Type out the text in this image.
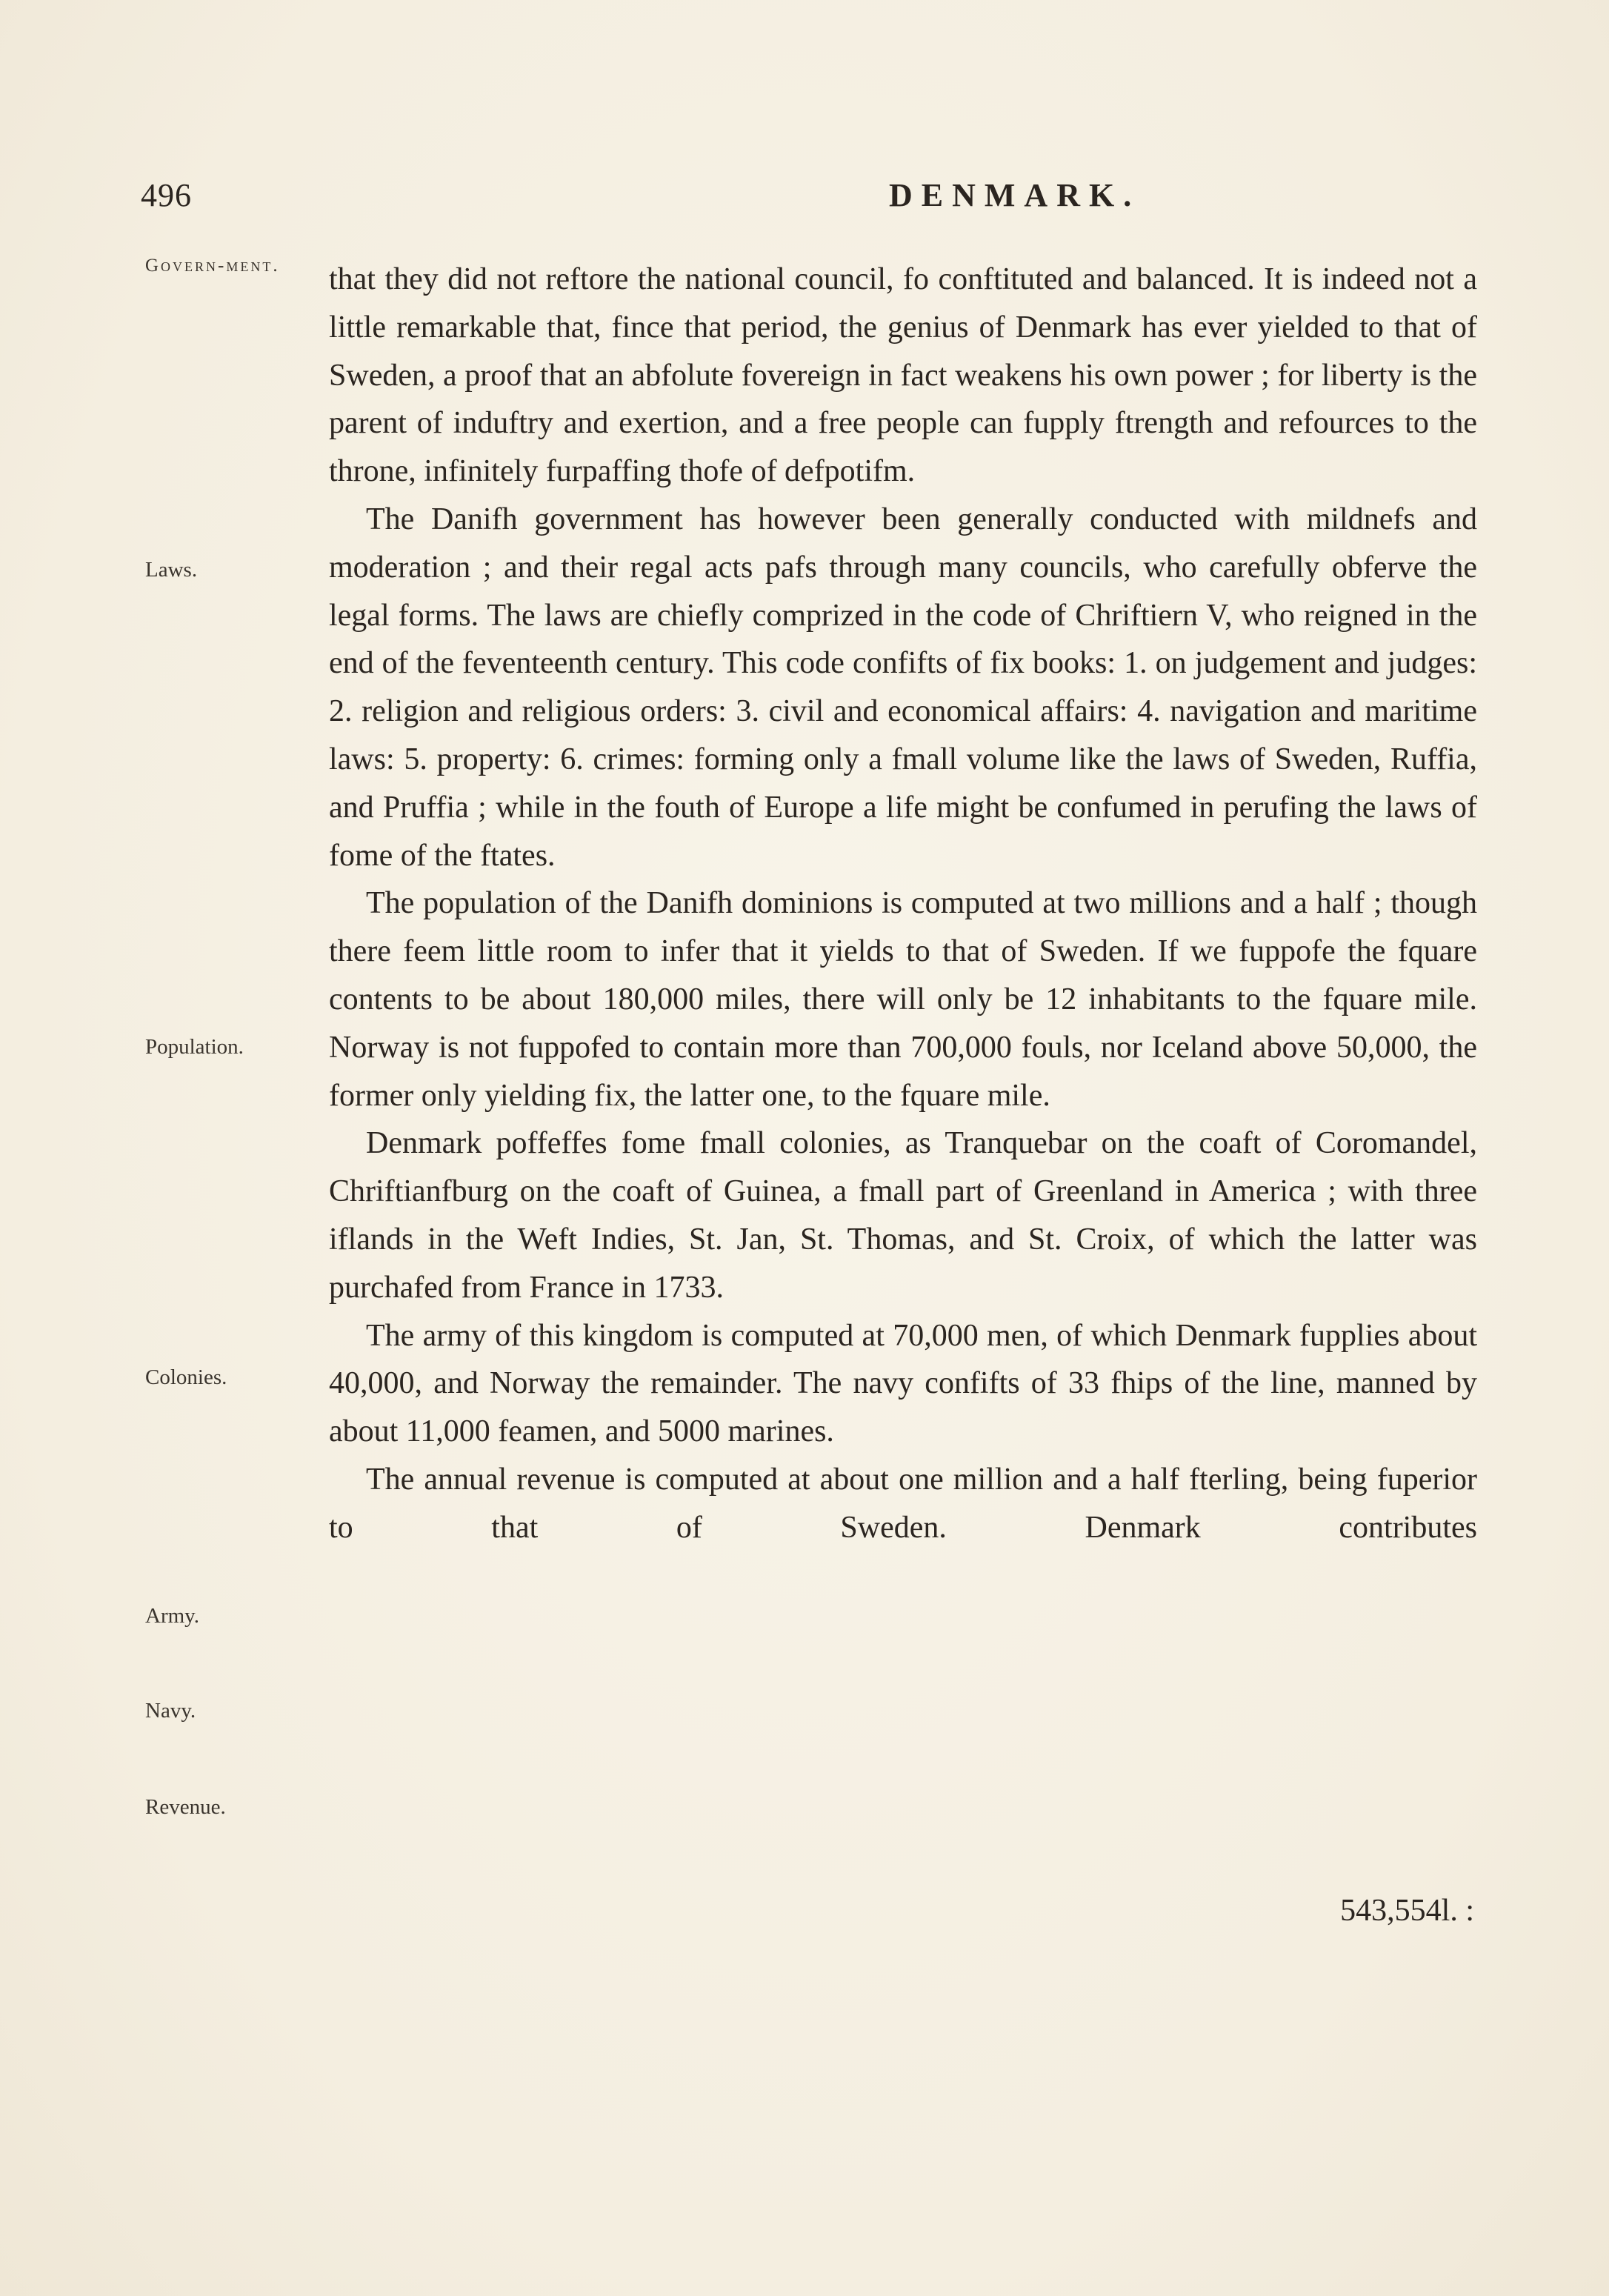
496	DENMARK.
Govern-ment.
Laws.
Population.
Colonies.
Army.
Navy.
Revenue.

that they did not reftore the national council, fo conftituted and balanced. It is indeed not a little remarkable that, fince that period, the genius of Denmark has ever yielded to that of Sweden, a proof that an abfolute fovereign in fact weakens his own power ; for liberty is the parent of induftry and exertion, and a free people can fupply ftrength and refources to the throne, infinitely furpaffing thofe of defpotifm.

The Danifh government has however been generally conducted with mildnefs and moderation ; and their regal acts pafs through many councils, who carefully obferve the legal forms. The laws are chiefly comprized in the code of Chriftiern V, who reigned in the end of the feventeenth century. This code confifts of fix books: 1. on judgement and judges: 2. religion and religious orders: 3. civil and economical affairs: 4. navigation and maritime laws: 5. property: 6. crimes: forming only a fmall volume like the laws of Sweden, Ruffia, and Pruffia ; while in the fouth of Europe a life might be confumed in perufing the laws of fome of the ftates.

The population of the Danifh dominions is computed at two millions and a half ; though there feem little room to infer that it yields to that of Sweden. If we fuppofe the fquare contents to be about 180,000 miles, there will only be 12 inhabitants to the fquare mile. Norway is not fuppofed to contain more than 700,000 fouls, nor Iceland above 50,000, the former only yielding fix, the latter one, to the fquare mile.

Denmark poffeffes fome fmall colonies, as Tranquebar on the coaft of Coromandel, Chriftianfburg on the coaft of Guinea, a fmall part of Greenland in America ; with three iflands in the Weft Indies, St. Jan, St. Thomas, and St. Croix, of which the latter was purchafed from France in 1733.

The army of this kingdom is computed at 70,000 men, of which Denmark fupplies about 40,000, and Norway the remainder. The navy confifts of 33 fhips of the line, manned by about 11,000 feamen, and 5000 marines.

The annual revenue is computed at about one million and a half fterling, being fuperior to that of Sweden. Denmark contributes

543,554l. :
